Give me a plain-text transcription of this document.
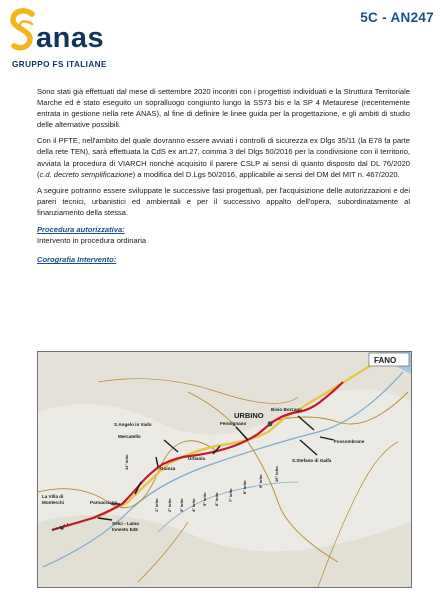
anas
GRUPPO FS ITALIANE
5C - AN247

Sono stati già effettuati dal mese di settembre 2020 incontri con i progettisti individuati e la Struttura Territoriale Marche ed è stato eseguito un sopralluogo congiunto lungo la SS73 bis e la SP 4 Metaurese (recentemente entrata in gestione nella rete ANAS), al fine di definire le linee guida per la progettazione, e gli ambiti di studio delle alternative possibili.

Con il PFTE, nell'ambito del quale dovranno essere avviati i controlli di sicurezza ex Dlgs 35/11 (la E78 fa parte della rete TEN), sarà effettuata la CdS ex art.27, comma 3 del Dlgs 50/2016 per la condivisione con il territorio, avviata la procedura di VIARCH nonché acquisito il parere CSLP ai sensi di quanto disposto dal DL 76/2020 (c.d. decreto semplificazione) a modifica del D.Lgs 50/2016, applicabile ai sensi del DM del MIT n. 467/2020.

A seguire potranno essere sviluppate le successive fasi progettuali, per l'acquisizione delle autorizzazioni e dei pareri tecnici, urbanistici ed ambientali e per il successivo appalto dell'opera, subordinatamente al finanziamento della stessa.

Procedura autorizzativa:
Intervento in procedura ordinaria
Corografia Intervento:
FANO
Bivio Borzaga
URBINO
Fossombrone
S.Stefano di Gaifa
Fermignano
Urbania
S.Angelo in Vado
Mercatello
Guinza
Parnacciano
Selci - Lama
Innesto E45
La Villa di
Monterchi	1° lotto 2° lotto 3° lotto 4° lotto 5° lotto 6° lotto 7° lotto
8° lotto	9° lotto	10° lotto
11° lotto
